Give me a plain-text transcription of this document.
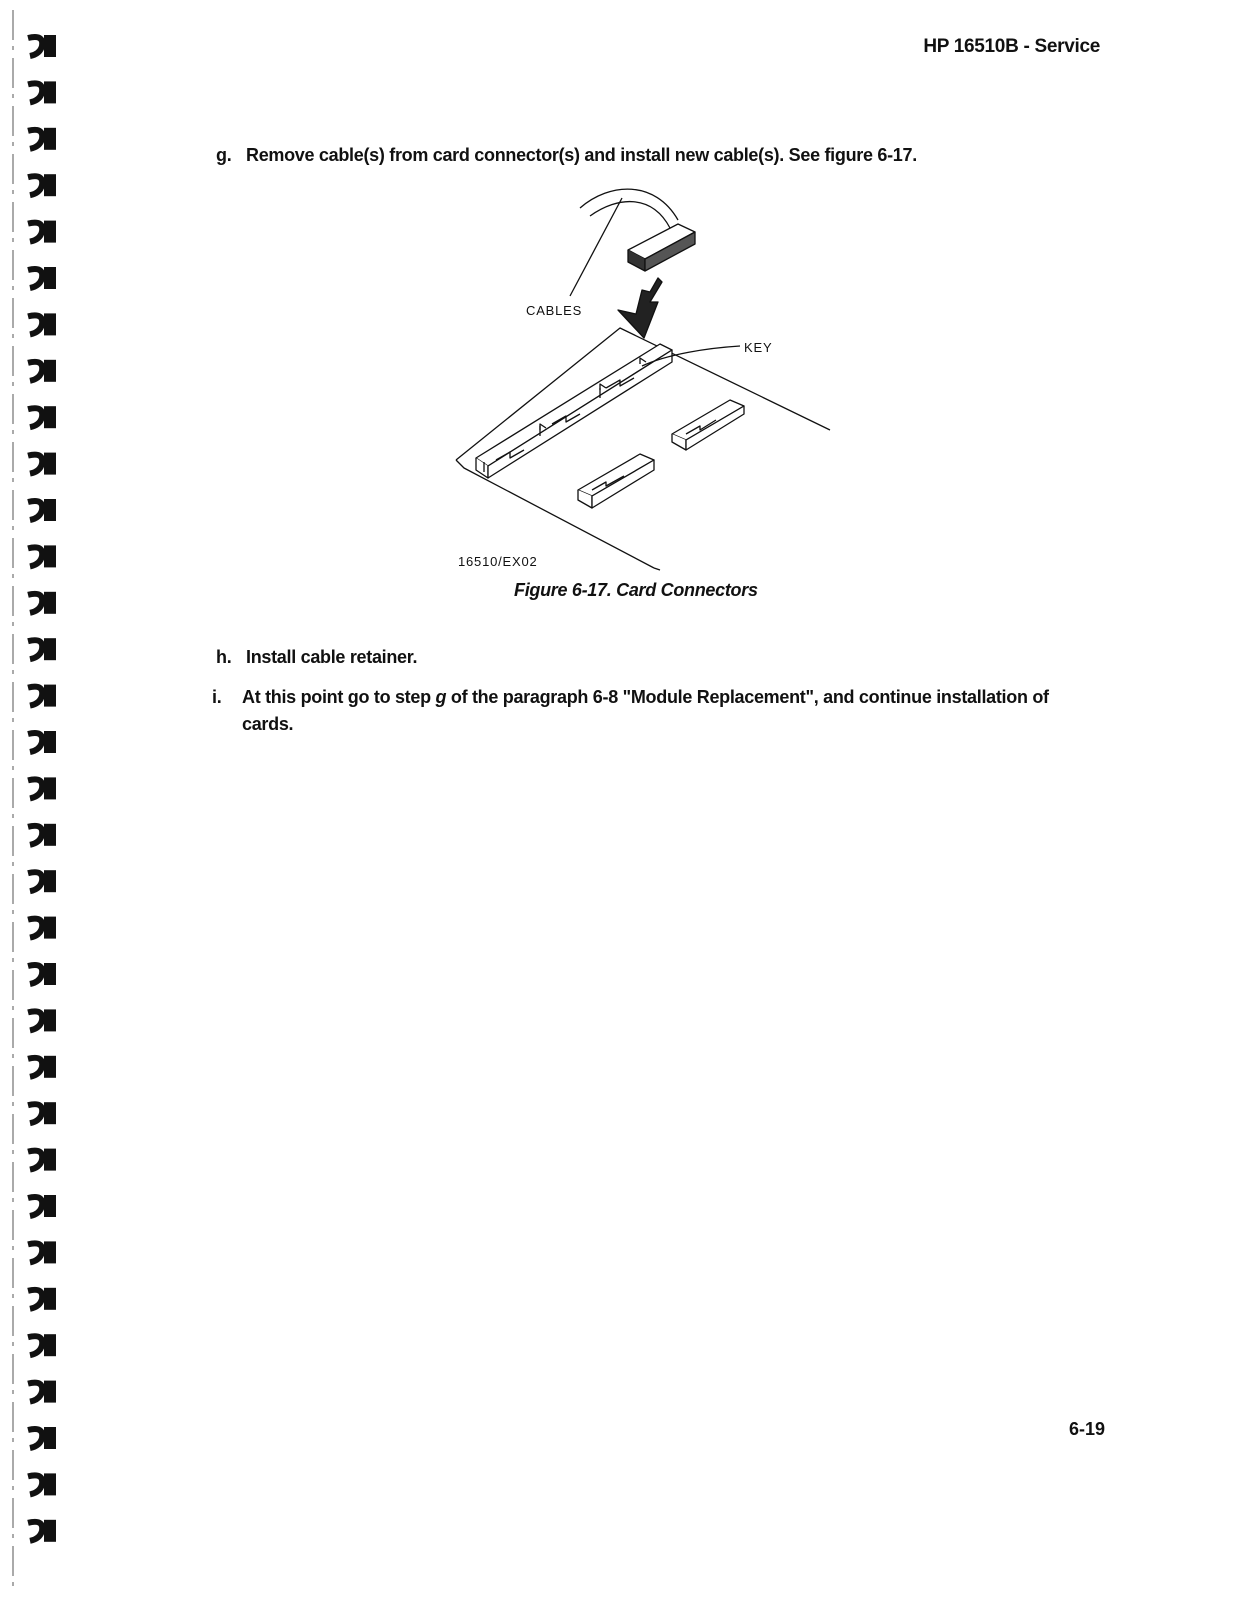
HP 16510B - Service
g. Remove cable(s) from card connector(s) and install new cable(s). See figure 6-17.
CABLES
KEY
16510/EX02
Figure 6-17. Card Connectors
h. Install cable retainer.
i. At this point go to step g of the paragraph 6-8 "Module Replacement", and continue installation of
cards.
6-19
